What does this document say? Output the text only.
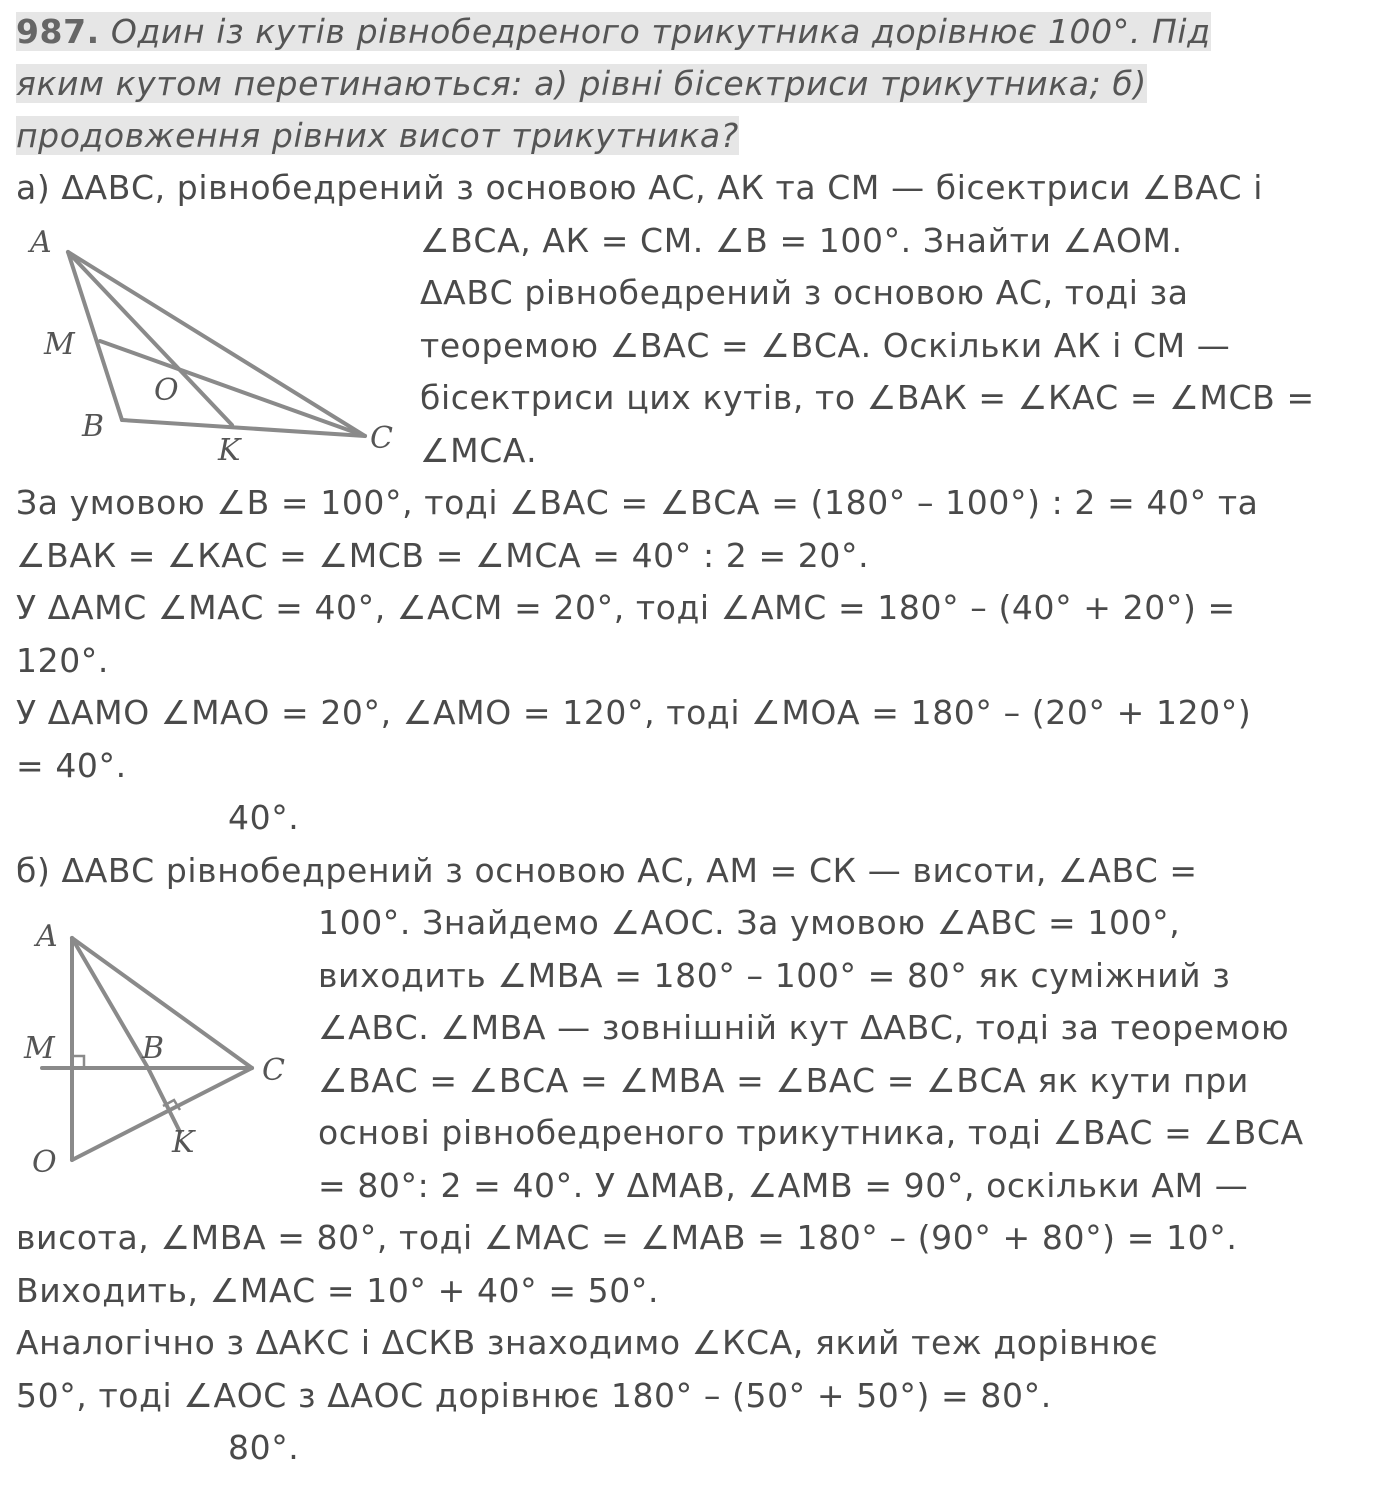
987. Один із кутів рівнобедреного трикутника дорівнює 100°. Під
яким кутом перетинаються: а) рівні бісектриси трикутника; б)
продовження рівних висот трикутника?
а) ΔАВС, рівнобедрений з основою АС, АК та СМ — бісектриси ∠ВАС і
∠ВСА, АК = СМ. ∠В = 100°. Знайти ∠АОМ.
ΔАВС рівнобедрений з основою АС, тоді за
теоремою ∠ВАС = ∠ВСА. Оскільки АК і СМ —
бісектриси цих кутів, то ∠ВАК = ∠КАС = ∠МСВ =
∠МСА.
За умовою ∠В = 100°, тоді ∠ВАС = ∠ВСА = (180° – 100°) : 2 = 40° та
∠ВАК = ∠КАС = ∠МСВ = ∠МСА = 40° : 2 = 20°.
У ΔАМС ∠МАС = 40°, ∠АСМ = 20°, тоді ∠АМС = 180° – (40° + 20°) =
120°.
У ΔАМО ∠МАО = 20°, ∠АМО = 120°, тоді ∠МОА = 180° – (20° + 120°)
= 40°.
40°.
A
M
O
B
K	C
б) ΔАВС рівнобедрений з основою АС, АМ = СК — висоти, ∠АВС =
100°. Знайдемо ∠АОС. За умовою ∠АВС = 100°,
виходить ∠МВА = 180° – 100° = 80° як суміжний з
∠АВС. ∠МВА — зовнішній кут ΔАВС, тоді за теоремою
∠ВАС = ∠ВСА = ∠МВА = ∠ВАС = ∠ВСА як кути при
основі рівнобедреного трикутника, тоді ∠ВАС = ∠ВСА
= 80°: 2 = 40°. У ΔМАВ, ∠АМВ = 90°, оскільки АМ —
висота, ∠МВА = 80°, тоді ∠МАС = ∠МАВ = 180° – (90° + 80°) = 10°.
Виходить, ∠МАС = 10° + 40° = 50°.
Аналогічно з ΔАКС і ΔСКВ знаходимо ∠КСА, який теж дорівнює
50°, тоді ∠АОС з ΔАОС дорівнює 180° – (50° + 50°) = 80°.
80°.
A
M	B
C
O
K
